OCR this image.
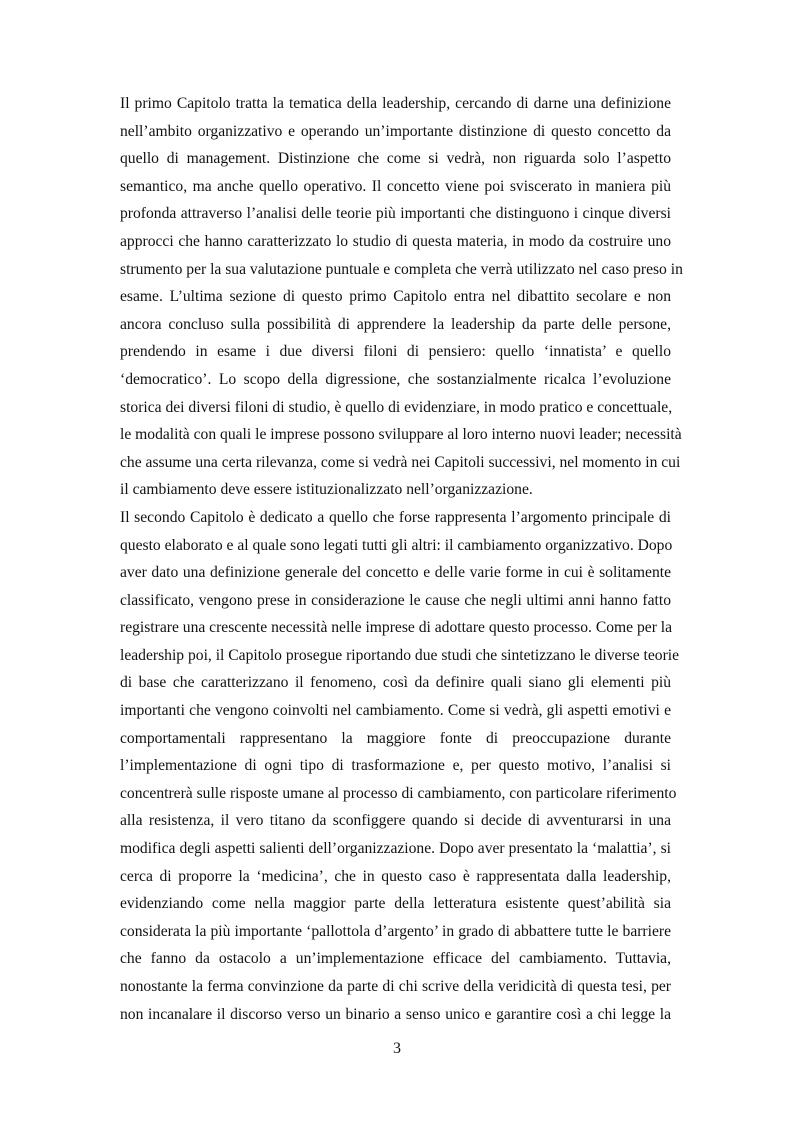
Il primo Capitolo tratta la tematica della leadership, cercando di darne una definizione
nell’ambito organizzativo e operando un’importante distinzione di questo concetto da
quello di management. Distinzione che come si vedrà, non riguarda solo l’aspetto
semantico, ma anche quello operativo. Il concetto viene poi sviscerato in maniera più
profonda attraverso l’analisi delle teorie più importanti che distinguono i cinque diversi
approcci che hanno caratterizzato lo studio di questa materia, in modo da costruire uno
strumento per la sua valutazione puntuale e completa che verrà utilizzato nel caso preso in
esame. L’ultima sezione di questo primo Capitolo entra nel dibattito secolare e non
ancora concluso sulla possibilità di apprendere la leadership da parte delle persone,
prendendo in esame i due diversi filoni di pensiero: quello ‘innatista’ e quello
‘democratico’. Lo scopo della digressione, che sostanzialmente ricalca l’evoluzione
storica dei diversi filoni di studio, è quello di evidenziare, in modo pratico e concettuale,
le modalità con quali le imprese possono sviluppare al loro interno nuovi leader; necessità
che assume una certa rilevanza, come si vedrà nei Capitoli successivi, nel momento in cui
il cambiamento deve essere istituzionalizzato nell’organizzazione.
Il secondo Capitolo è dedicato a quello che forse rappresenta l’argomento principale di
questo elaborato e al quale sono legati tutti gli altri: il cambiamento organizzativo. Dopo
aver dato una definizione generale del concetto e delle varie forme in cui è solitamente
classificato, vengono prese in considerazione le cause che negli ultimi anni hanno fatto
registrare una crescente necessità nelle imprese di adottare questo processo. Come per la
leadership poi, il Capitolo prosegue riportando due studi che sintetizzano le diverse teorie
di base che caratterizzano il fenomeno, così da definire quali siano gli elementi più
importanti che vengono coinvolti nel cambiamento. Come si vedrà, gli aspetti emotivi e
comportamentali rappresentano la maggiore fonte di preoccupazione durante
l’implementazione di ogni tipo di trasformazione e, per questo motivo, l’analisi si
concentrerà sulle risposte umane al processo di cambiamento, con particolare riferimento
alla resistenza, il vero titano da sconfiggere quando si decide di avventurarsi in una
modifica degli aspetti salienti dell’organizzazione. Dopo aver presentato la ‘malattia’, si
cerca di proporre la ‘medicina’, che in questo caso è rappresentata dalla leadership,
evidenziando come nella maggior parte della letteratura esistente quest’abilità sia
considerata la più importante ‘pallottola d’argento’ in grado di abbattere tutte le barriere
che fanno da ostacolo a un’implementazione efficace del cambiamento. Tuttavia,
nonostante la ferma convinzione da parte di chi scrive della veridicità di questa tesi, per
non incanalare il discorso verso un binario a senso unico e garantire così a chi legge la
3
